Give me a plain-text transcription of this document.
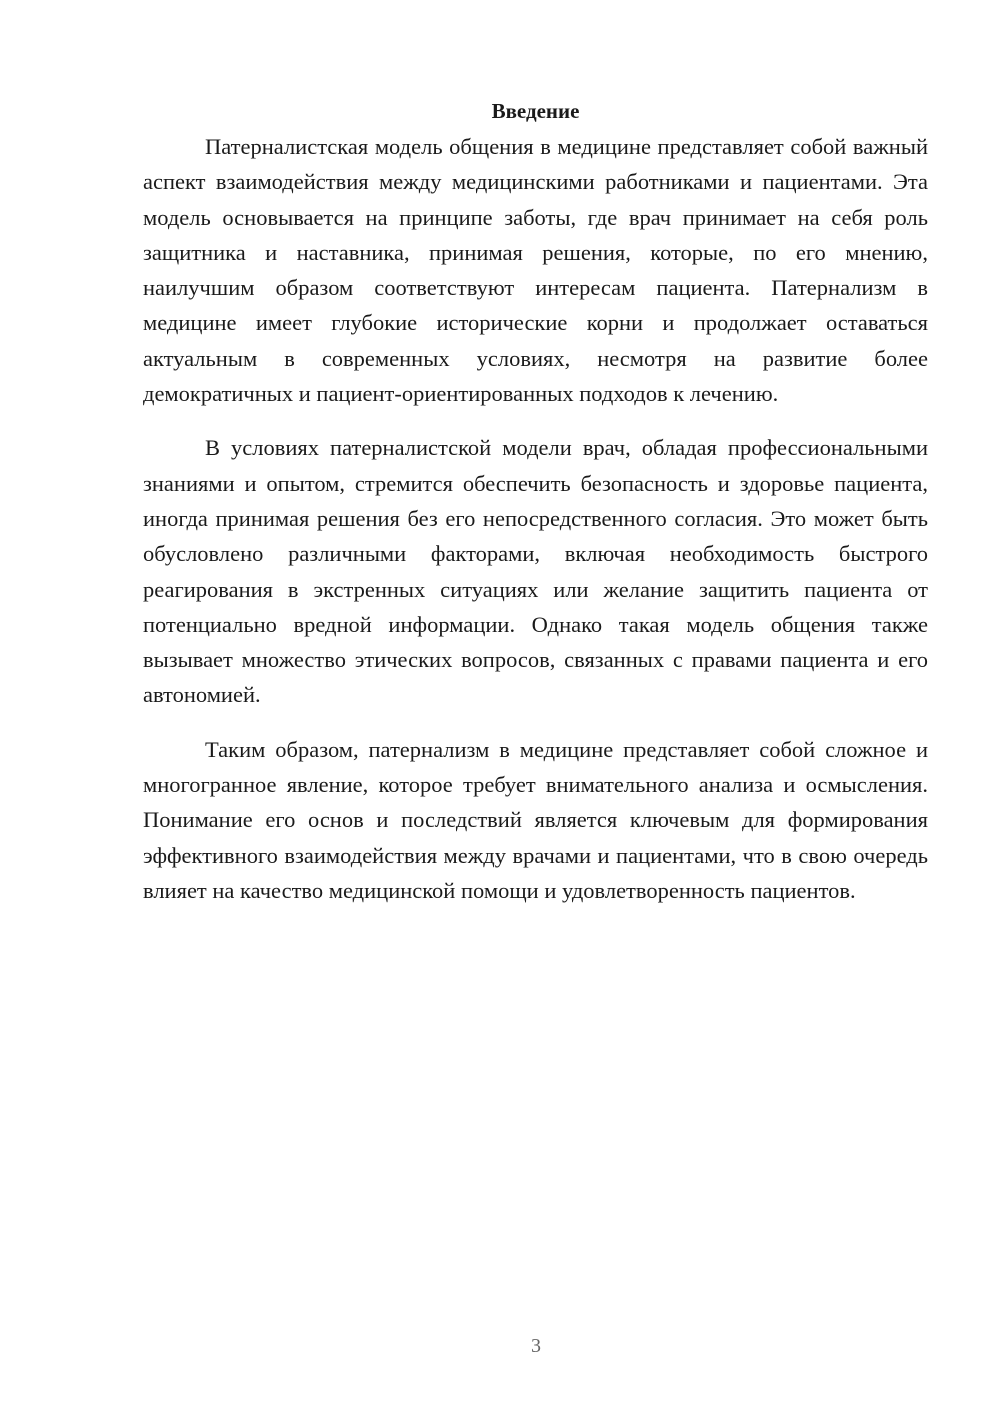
Введение

Патерналистская модель общения в медицине представляет собой важный аспект взаимодействия между медицинскими работниками и пациентами. Эта модель основывается на принципе заботы, где врач принимает на себя роль защитника и наставника, принимая решения, которые, по его мнению, наилучшим образом соответствуют интересам пациента. Патернализм в медицине имеет глубокие исторические корни и продолжает оставаться актуальным в современных условиях, несмотря на развитие более демократичных и пациент-ориентированных подходов к лечению.

В условиях патерналистской модели врач, обладая профессиональными знаниями и опытом, стремится обеспечить безопасность и здоровье пациента, иногда принимая решения без его непосредственного согласия. Это может быть обусловлено различными факторами, включая необходимость быстрого реагирования в экстренных ситуациях или желание защитить пациента от потенциально вредной информации. Однако такая модель общения также вызывает множество этических вопросов, связанных с правами пациента и его автономией.

Таким образом, патернализм в медицине представляет собой сложное и многогранное явление, которое требует внимательного анализа и осмысления. Понимание его основ и последствий является ключевым для формирования эффективного взаимодействия между врачами и пациентами, что в свою очередь влияет на качество медицинской помощи и удовлетворенность пациентов.

3
